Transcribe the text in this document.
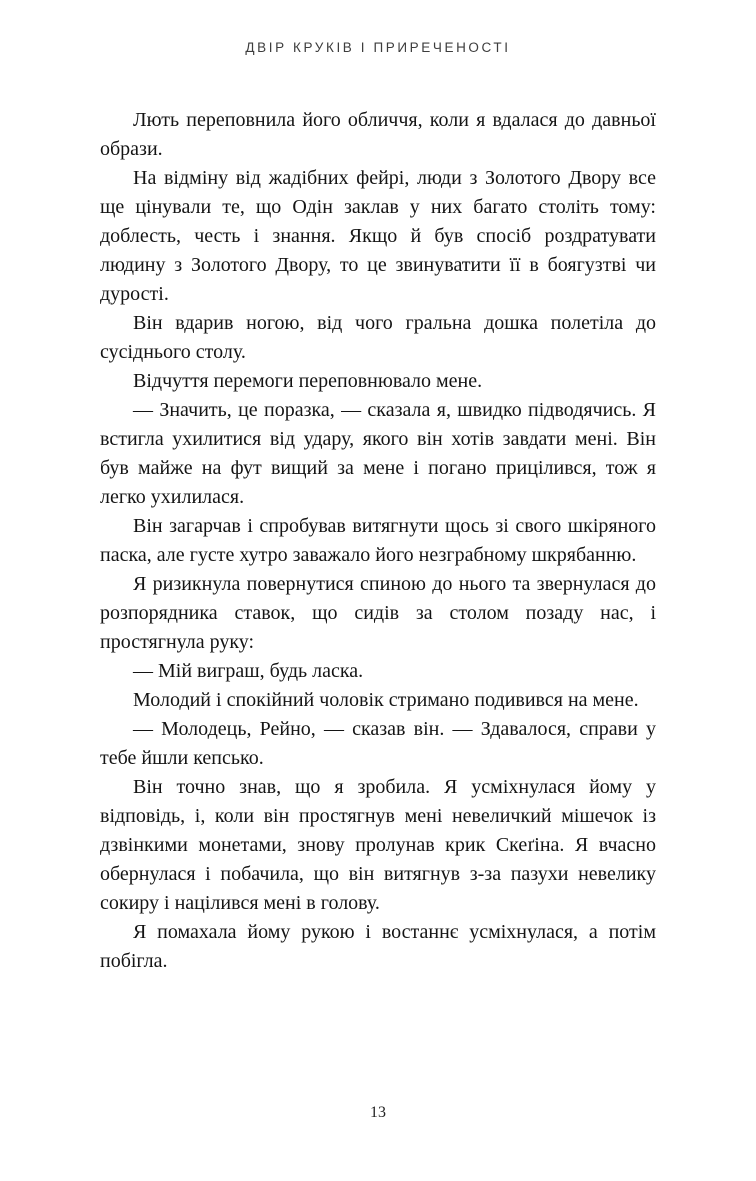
ДВІР КРУКІВ І ПРИРЕЧЕНОСТІ

Лють переповнила його обличчя, коли я вдалася до давньої образи.

На відміну від жадібних фейрі, люди з Золотого Двору все ще цінували те, що Одін заклав у них багато століть тому: доблесть, честь і знання. Якщо й був спосіб роздратувати людину з Золотого Двору, то це звинуватити її в боягузтві чи дурості.

Він вдарив ногою, від чого гральна дошка полетіла до сусіднього столу.

Відчуття перемоги переповнювало мене.

— Значить, це поразка, — сказала я, швидко підводячись. Я встигла ухилитися від удару, якого він хотів завдати мені. Він був майже на фут вищий за мене і погано прицілився, тож я легко ухилилася.

Він загарчав і спробував витягнути щось зі свого шкіряного паска, але густе хутро заважало його незграбному шкрябанню.

Я ризикнула повернутися спиною до нього та звернулася до розпорядника ставок, що сидів за столом позаду нас, і простягнула руку:

— Мій виграш, будь ласка.

Молодий і спокійний чоловік стримано подивився на мене.

— Молодець, Рейно, — сказав він. — Здавалося, справи у тебе йшли кепсько.

Він точно знав, що я зробила. Я усміхнулася йому у відповідь, і, коли він простягнув мені невеличкий мішечок із дзвінкими монетами, знову пролунав крик Скеґіна. Я вчасно обернулася і побачила, що він витягнув з-за пазухи невелику сокиру і націлився мені в голову.

Я помахала йому рукою і востаннє усміхнулася, а потім побігла.

13
